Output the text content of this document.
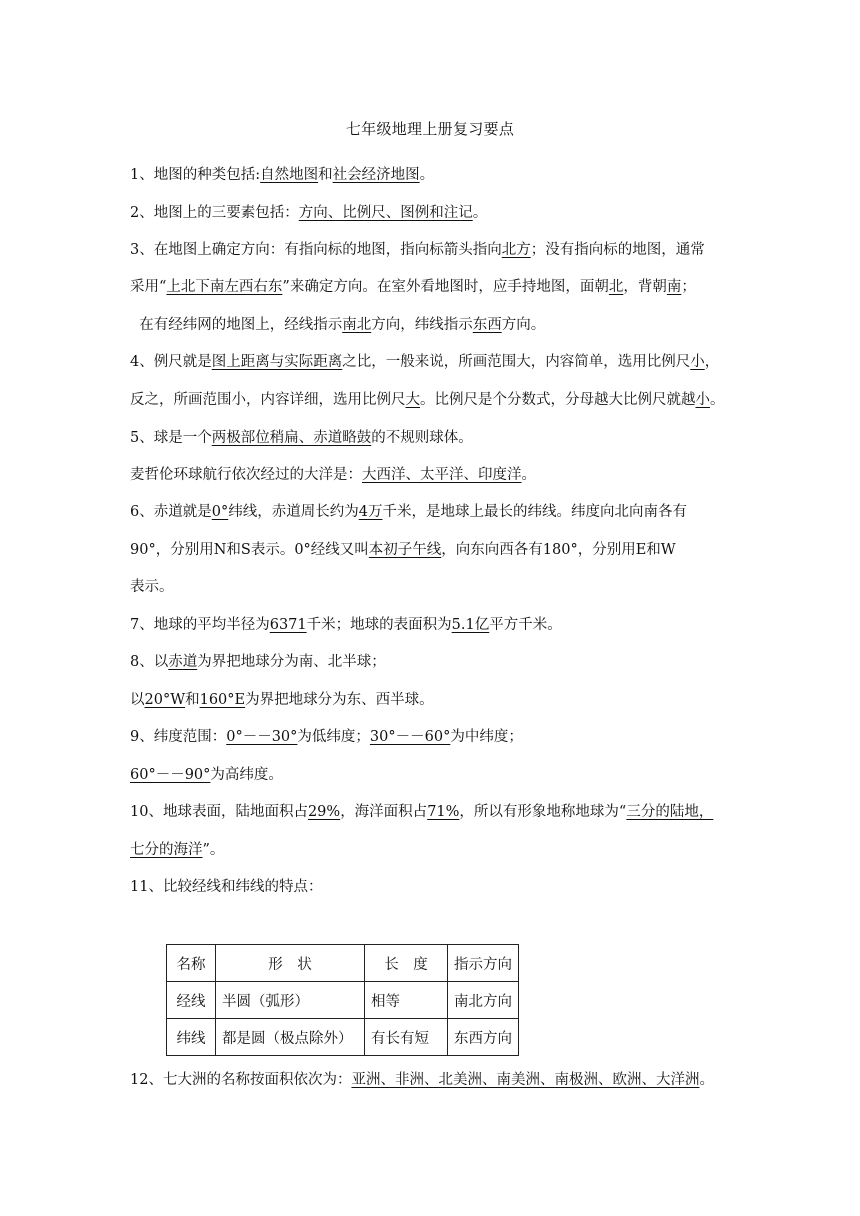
七年级地理上册复习要点
1、地图的种类包括:自然地图和社会经济地图。
2、地图上的三要素包括：方向、比例尺、图例和注记。
3、在地图上确定方向：有指向标的地图，指向标箭头指向北方；没有指向标的地图，通常
采用“上北下南左西右东”来确定方向。在室外看地图时，应手持地图，面朝北，背朝南；
在有经纬网的地图上，经线指示南北方向，纬线指示东西方向。
4、例尺就是图上距离与实际距离之比，一般来说，所画范围大，内容简单，选用比例尺小，
反之，所画范围小，内容详细，选用比例尺大。比例尺是个分数式，分母越大比例尺就越小。
5、球是一个两极部位稍扁、赤道略鼓的不规则球体。
麦哲伦环球航行依次经过的大洋是：大西洋、太平洋、印度洋。
6、赤道就是0°纬线，赤道周长约为4万千米，是地球上最长的纬线。纬度向北向南各有
90°，分别用N和S表示。0°经线又叫本初子午线，向东向西各有180°，分别用E和W
表示。
7、地球的平均半径为6371千米；地球的表面积为5.1亿平方千米。
8、以赤道为界把地球分为南、北半球；
以20°W和160°E为界把地球分为东、西半球。
9、纬度范围：0°－－30°为低纬度；30°－－60°为中纬度；
60°－－90°为高纬度。
10、地球表面，陆地面积占29%，海洋面积占71%，所以有形象地称地球为“三分的陆地，
七分的海洋”。
11、比较经线和纬线的特点：
名称	形　状	长　度	指示方向
经线	半圆（弧形）	相等	南北方向
纬线	都是圆（极点除外）	有长有短	东西方向
12、七大洲的名称按面积依次为：亚洲、非洲、北美洲、南美洲、南极洲、欧洲、大洋洲。
